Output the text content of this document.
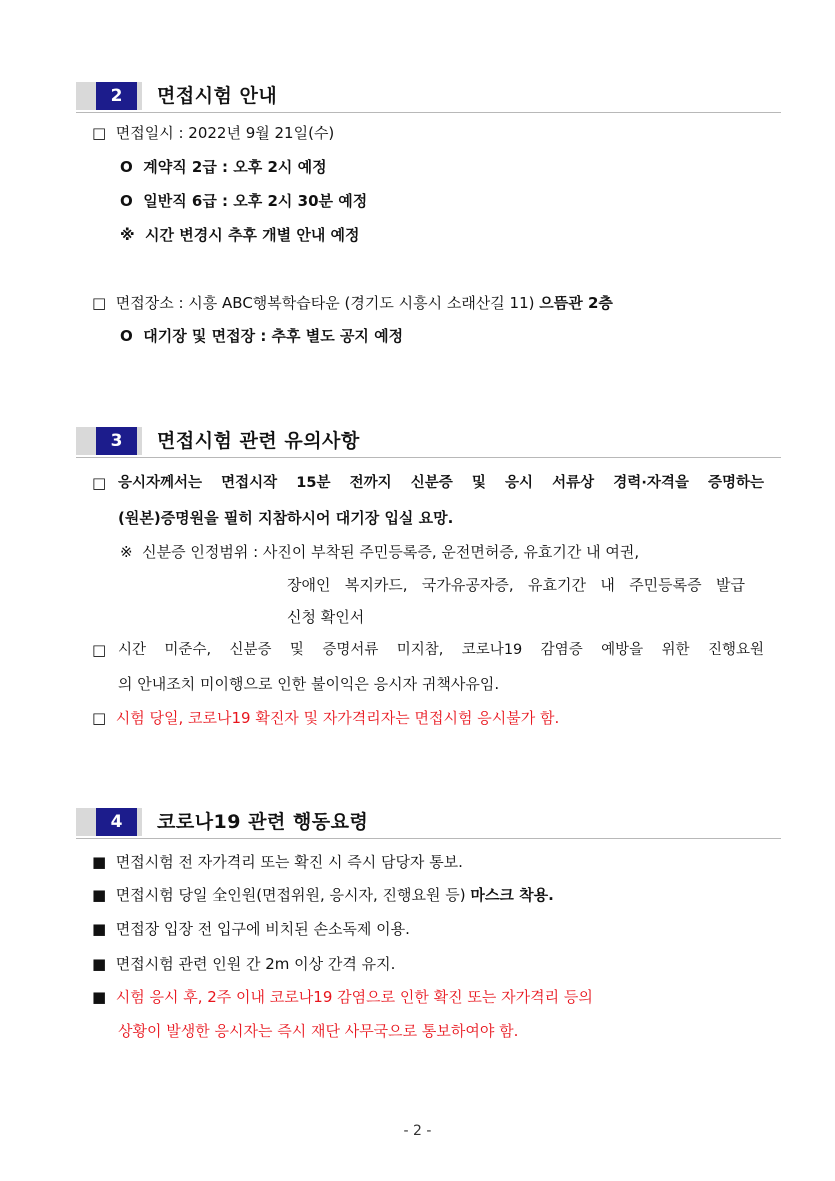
2	면접시험 안내
□ 면접일시 : 2022년 9월 21일(수)
O 계약직 2급 : 오후 2시 예정
O 일반직 6급 : 오후 2시 30분 예정
※ 시간 변경시 추후 개별 안내 예정
□ 면접장소 : 시흥 ABC행복학습타운 (경기도 시흥시 소래산길 11) 으뜸관 2층
O 대기장 및 면접장 : 추후 별도 공지 예정
3	면접시험 관련 유의사항
□ 응시자께서는 면접시작 15분 전까지 신분증 및 응시 서류상 경력·자격을 증명하는
(원본)증명원을 필히 지참하시어 대기장 입실 요망.
※ 신분증 인정범위 : 사진이 부착된 주민등록증, 운전면허증, 유효기간 내 여권,
장애인 복지카드, 국가유공자증, 유효기간 내 주민등록증 발급
신청 확인서
□ 시간 미준수, 신분증 및 증명서류 미지참, 코로나19 감염증 예방을 위한 진행요원
의 안내조치 미이행으로 인한 불이익은 응시자 귀책사유임.
□ 시험 당일, 코로나19 확진자 및 자가격리자는 면접시험 응시불가 함.
4	코로나19 관련 행동요령
■ 면접시험 전 자가격리 또는 확진 시 즉시 담당자 통보.
■ 면접시험 당일 全인원(면접위원, 응시자, 진행요원 등) 마스크 착용.
■ 면접장 입장 전 입구에 비치된 손소독제 이용.
■ 면접시험 관련 인원 간 2m 이상 간격 유지.
■ 시험 응시 후, 2주 이내 코로나19 감염으로 인한 확진 또는 자가격리 등의
상황이 발생한 응시자는 즉시 재단 사무국으로 통보하여야 함.
- 2 -
